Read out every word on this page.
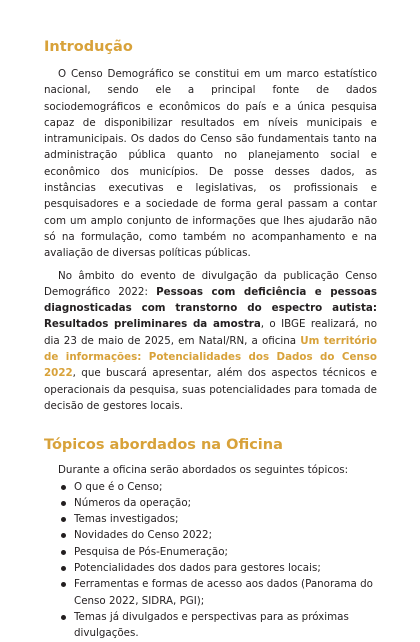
Introdução

O Censo Demográfico se constitui em um marco estatístico nacional, sendo ele a principal fonte de dados sociodemográficos e econômicos do país e a única pesquisa capaz de disponibilizar resultados em níveis municipais e intramunicipais. Os dados do Censo são fundamentais tanto na administração pública quanto no planejamento social e econômico dos municípios. De posse desses dados, as instâncias executivas e legislativas, os profissionais e pesquisadores e a sociedade de forma geral passam a contar com um amplo conjunto de informações que lhes ajudarão não só na formulação, como também no acompanhamento e na avaliação de diversas políticas públicas.

No âmbito do evento de divulgação da publicação Censo Demográfico 2022: Pessoas com deficiência e pessoas diagnosticadas com transtorno do espectro autista: Resultados preliminares da amostra, o IBGE realizará, no dia 23 de maio de 2025, em Natal/RN, a oficina Um território de informações: Potencialidades dos Dados do Censo 2022, que buscará apresentar, além dos aspectos técnicos e operacionais da pesquisa, suas potencialidades para tomada de decisão de gestores locais.

Tópicos abordados na Oficina

Durante a oficina serão abordados os seguintes tópicos:

O que é o Censo;
Números da operação;
Temas investigados;
Novidades do Censo 2022;
Pesquisa de Pós-Enumeração;
Potencialidades dos dados para gestores locais;
Ferramentas e formas de acesso aos dados (Panorama do Censo 2022, SIDRA, PGI);
Temas já divulgados e perspectivas para as próximas divulgações.
